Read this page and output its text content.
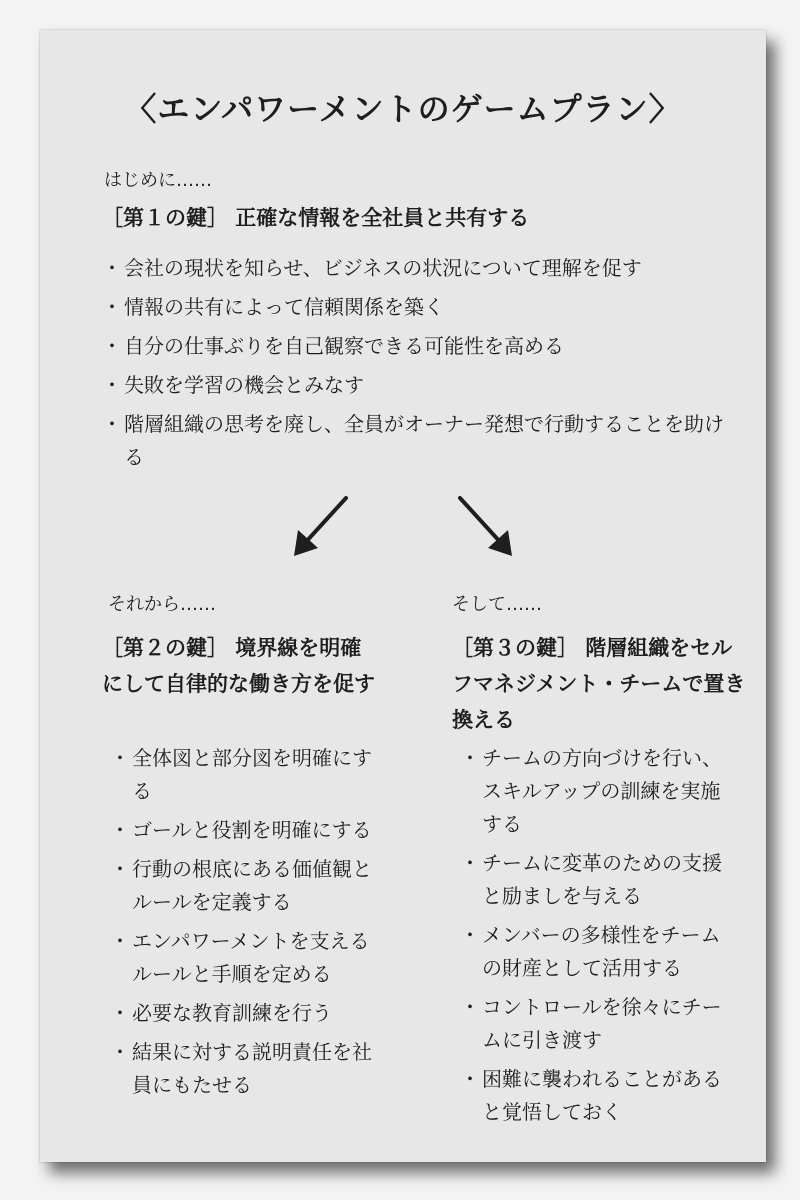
〈エンパワーメントのゲームプラン〉
はじめに……
［第１の鍵］ 正確な情報を全社員と共有する
・ 会社の現状を知らせ、ビジネスの状況について理解を促す
・ 情報の共有によって信頼関係を築く
・ 自分の仕事ぶりを自己観察できる可能性を高める
・ 失敗を学習の機会とみなす
・ 階層組織の思考を廃し、全員がオーナー発想で行動することを助ける
それから……	そして……
［第２の鍵］ 境界線を明確にして自律的な働き方を促す
［第３の鍵］ 階層組織をセルフマネジメント・チームで置き換える
・ 全体図と部分図を明確にする
・ ゴールと役割を明確にする
・ 行動の根底にある価値観とルールを定義する
・ エンパワーメントを支えるルールと手順を定める
・ 必要な教育訓練を行う
・ 結果に対する説明責任を社員にもたせる
・ チームの方向づけを行い、スキルアップの訓練を実施する
・ チームに変革のための支援と励ましを与える
・ メンバーの多様性をチームの財産として活用する
・ コントロールを徐々にチームに引き渡す
・ 困難に襲われることがあると覚悟しておく
